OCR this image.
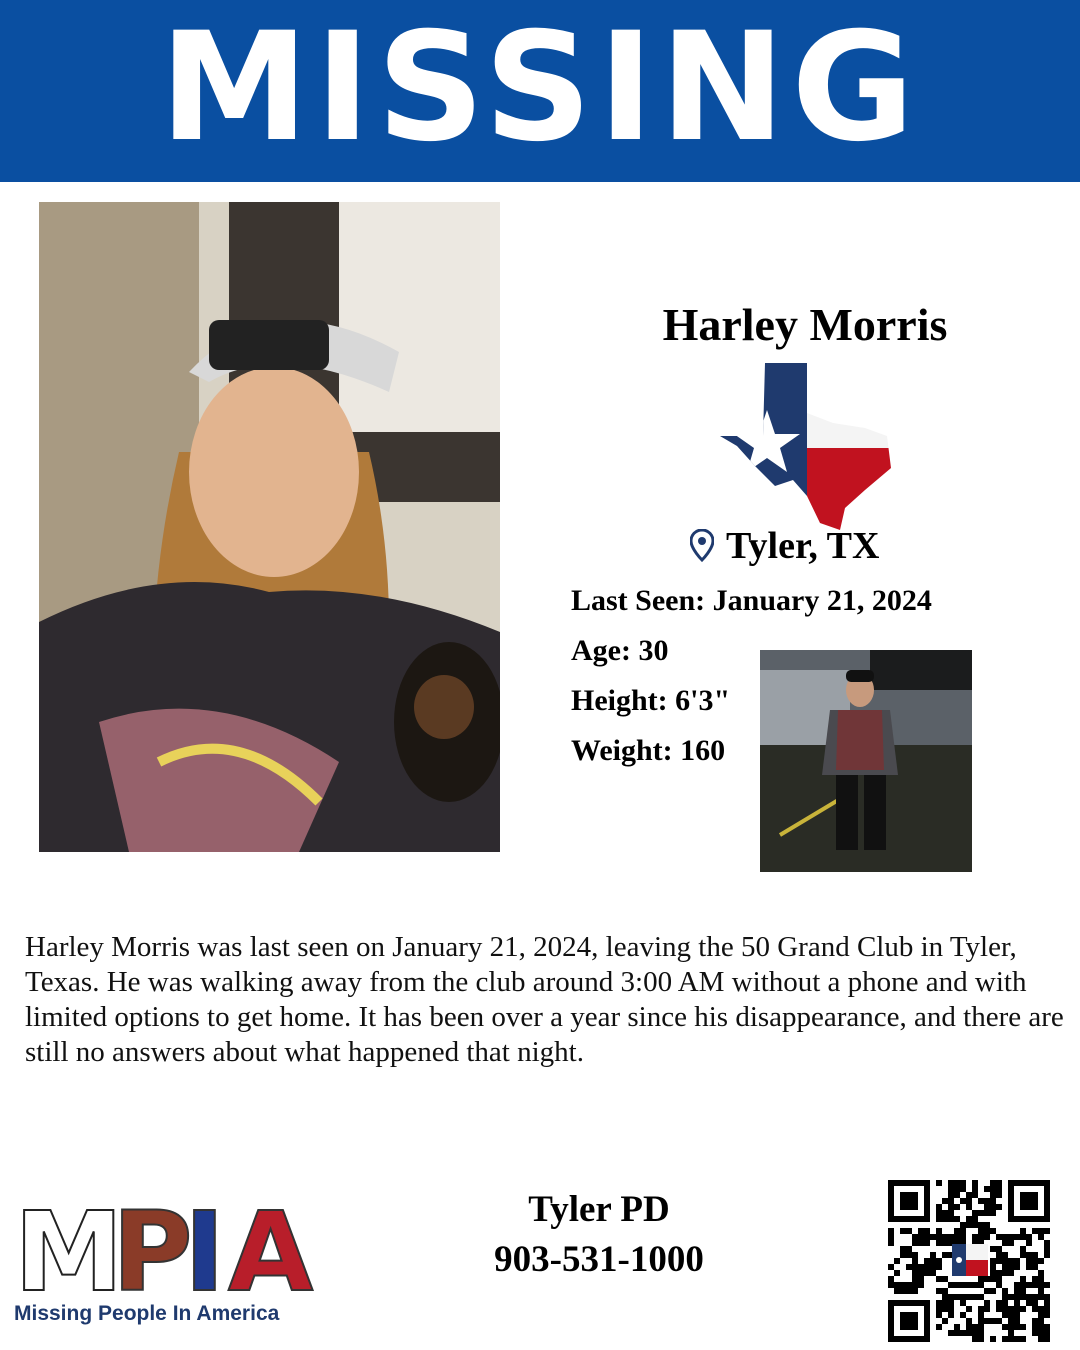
MISSING
Harley Morris
Tyler, TX
Last Seen: January 21, 2024
Age: 30
Height: 6'3"
Weight: 160
Harley Morris was last seen on January 21, 2024, leaving the 50 Grand Club in Tyler, Texas. He was walking away from the club around 3:00 AM without a phone and with limited options to get home. It has been over a year since his disappearance, and there are still no answers about what happened that night.
M
P
I A
Missing People In America
Tyler PD
903-531-1000
